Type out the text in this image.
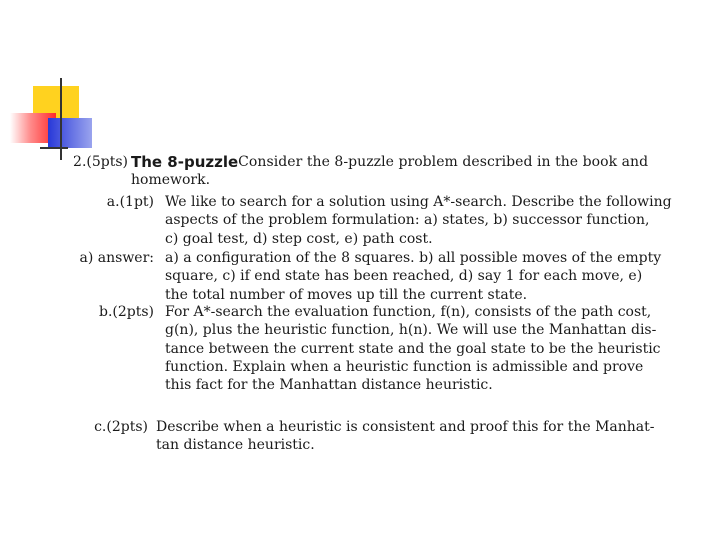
2.(5pts) The 8-puzzle Consider the 8-puzzle problem described in the book and
homework.
a.(1pt) We like to search for a solution using A*-search. Describe the following
aspects of the problem formulation: a) states, b) successor function,
c) goal test, d) step cost, e) path cost.
a) answer: a) a configuration of the 8 squares. b) all possible moves of the empty
square, c) if end state has been reached, d) say 1 for each move, e)
the total number of moves up till the current state.
b.(2pts) For A*-search the evaluation function, f(n), consists of the path cost,
g(n), plus the heuristic function, h(n). We will use the Manhattan dis-
tance between the current state and the goal state to be the heuristic
function. Explain when a heuristic function is admissible and prove
this fact for the Manhattan distance heuristic.
c.(2pts) Describe when a heuristic is consistent and proof this for the Manhat-
tan distance heuristic.
